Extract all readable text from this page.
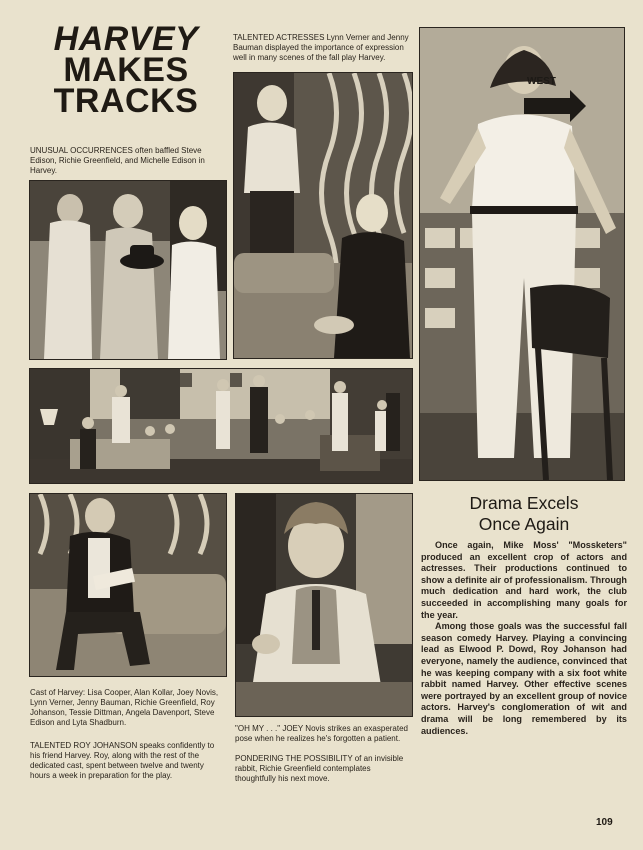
HARVEY
MAKES
TRACKS
UNUSUAL OCCURRENCES often baffled Steve Edison, Richie Greenfield, and Michelle Edison in Harvey.
TALENTED ACTRESSES Lynn Verner and Jenny Bauman displayed the importance of expression well in many scenes of the fall play Harvey.
WEST
Cast of Harvey: Lisa Cooper, Alan Kollar, Joey Novis, Lynn Verner, Jenny Bauman, Richie Greenfield, Roy Johanson, Tessie Dittman, Angela Davenport, Steve Edison and Lyta Shadburn.
TALENTED ROY JOHANSON speaks confidently to his friend Harvey. Roy, along with the rest of the dedicated cast, spent between twelve and twenty hours a week in preparation for the play.
"OH MY . . ." JOEY Novis strikes an exasperated pose when he realizes he's forgotten a patient.
PONDERING THE POSSIBILITY of an invisible rabbit, Richie Greenfield contemplates thoughtfully his next move.
Drama Excels
Once Again

Once again, Mike Moss' "Mossketers" produced an excellent crop of actors and actresses. Their productions continued to show a definite air of professionalism. Through much dedication and hard work, the club succeeded in accomplishing many goals for the year.

Among those goals was the successful fall season comedy Harvey. Playing a convincing lead as Elwood P. Dowd, Roy Johanson had everyone, namely the audience, convinced that he was keeping company with a six foot white rabbit named Harvey. Other effective scenes were portrayed by an excellent group of novice actors. Harvey's conglomeration of wit and drama will be long remembered by its audiences.

109
